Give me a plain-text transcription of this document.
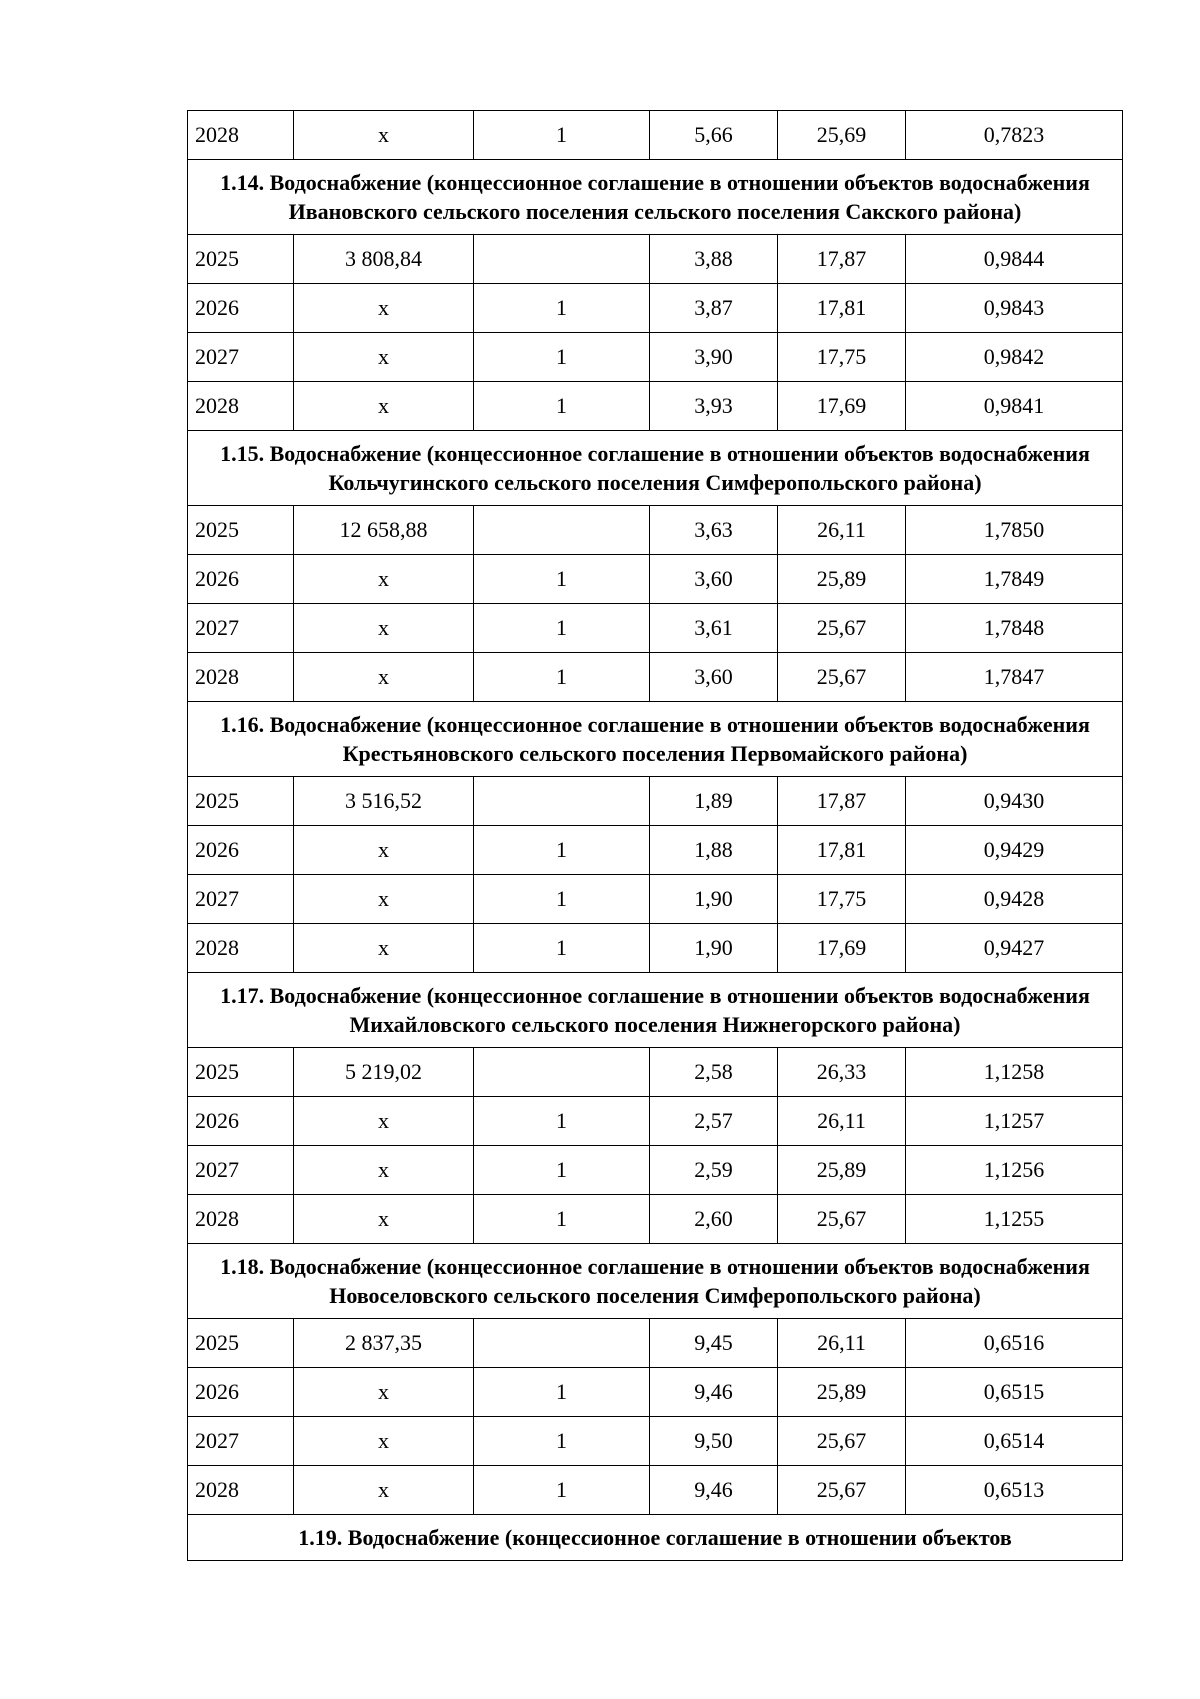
2028	х	1	5,66	25,69	0,7823
1.14. Водоснабжение (концессионное соглашение в отношении объектов водоснабжения Ивановского сельского поселения сельского поселения Сакского района)					
2025	3 808,84		3,88	17,87	0,9844
2026	х	1	3,87	17,81	0,9843
2027	х	1	3,90	17,75	0,9842
2028	х	1	3,93	17,69	0,9841
1.15. Водоснабжение (концессионное соглашение в отношении объектов водоснабжения Кольчугинского сельского поселения Симферопольского района)					
2025	12 658,88		3,63	26,11	1,7850
2026	х	1	3,60	25,89	1,7849
2027	х	1	3,61	25,67	1,7848
2028	х	1	3,60	25,67	1,7847
1.16. Водоснабжение (концессионное соглашение в отношении объектов водоснабжения Крестьяновского сельского поселения Первомайского района)					
2025	3 516,52		1,89	17,87	0,9430
2026	х	1	1,88	17,81	0,9429
2027	х	1	1,90	17,75	0,9428
2028	х	1	1,90	17,69	0,9427
1.17. Водоснабжение (концессионное соглашение в отношении объектов водоснабжения Михайловского сельского поселения Нижнегорского района)					
2025	5 219,02		2,58	26,33	1,1258
2026	х	1	2,57	26,11	1,1257
2027	х	1	2,59	25,89	1,1256
2028	х	1	2,60	25,67	1,1255
1.18. Водоснабжение (концессионное соглашение в отношении объектов водоснабжения Новоселовского сельского поселения Симферопольского района)					
2025	2 837,35		9,45	26,11	0,6516
2026	х	1	9,46	25,89	0,6515
2027	х	1	9,50	25,67	0,6514
2028	х	1	9,46	25,67	0,6513
1.19. Водоснабжение (концессионное соглашение в отношении объектов					
